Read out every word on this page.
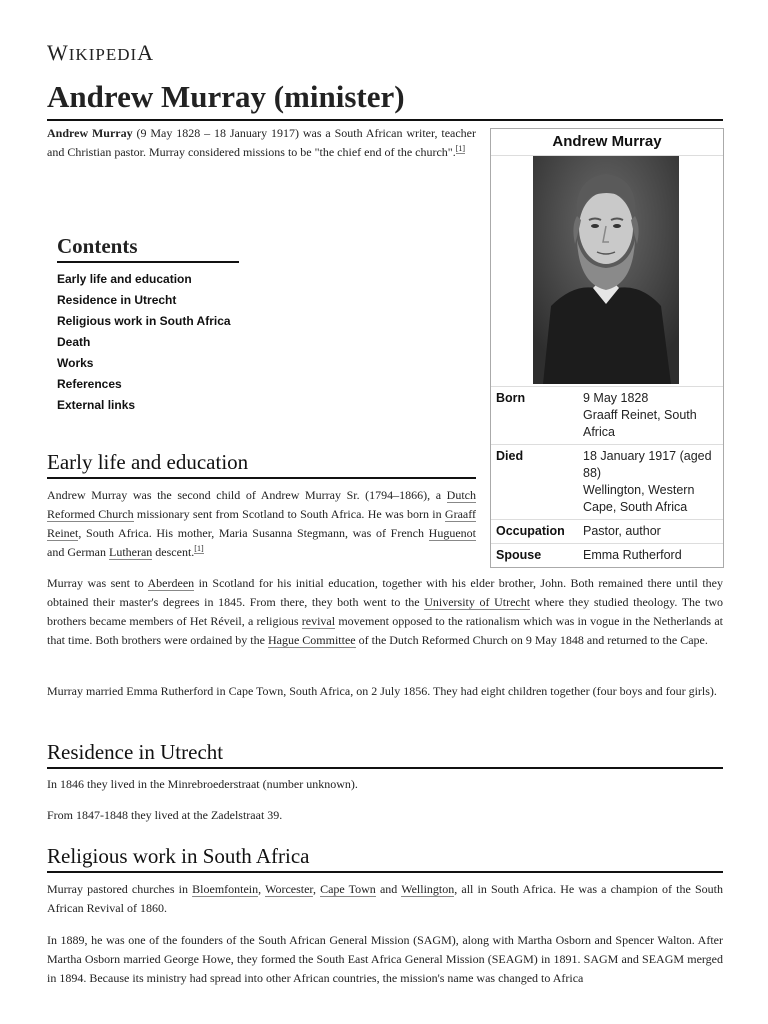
WIKIPEDIA
Andrew Murray (minister)

Andrew Murray (9 May 1828 – 18 January 1917) was a South African writer, teacher and Christian pastor. Murray considered missions to be "the chief end of the church".[1]

Contents
Early life and education
Residence in Utrecht
Religious work in South Africa
Death
Works
References
External links
Andrew Murray
Born	9 May 1828
Graaff Reinet, South Africa
Died	18 January 1917 (aged 88)
Wellington, Western Cape, South Africa
Occupation	Pastor, author
Spouse	Emma Rutherford
Early life and education

Andrew Murray was the second child of Andrew Murray Sr. (1794–1866), a Dutch Reformed Church missionary sent from Scotland to South Africa. He was born in Graaff Reinet, South Africa. His mother, Maria Susanna Stegmann, was of French Huguenot and German Lutheran descent.[1]

Murray was sent to Aberdeen in Scotland for his initial education, together with his elder brother, John. Both remained there until they obtained their master's degrees in 1845. From there, they both went to the University of Utrecht where they studied theology. The two brothers became members of Het Réveil, a religious revival movement opposed to the rationalism which was in vogue in the Netherlands at that time. Both brothers were ordained by the Hague Committee of the Dutch Reformed Church on 9 May 1848 and returned to the Cape.

Murray married Emma Rutherford in Cape Town, South Africa, on 2 July 1856. They had eight children together (four boys and four girls).

Residence in Utrecht

In 1846 they lived in the Minrebroederstraat (number unknown).

From 1847-1848 they lived at the Zadelstraat 39.

Religious work in South Africa

Murray pastored churches in Bloemfontein, Worcester, Cape Town and Wellington, all in South Africa. He was a champion of the South African Revival of 1860.

In 1889, he was one of the founders of the South African General Mission (SAGM), along with Martha Osborn and Spencer Walton. After Martha Osborn married George Howe, they formed the South East Africa General Mission (SEAGM) in 1891. SAGM and SEAGM merged in 1894. Because its ministry had spread into other African countries, the mission's name was changed to Africa
